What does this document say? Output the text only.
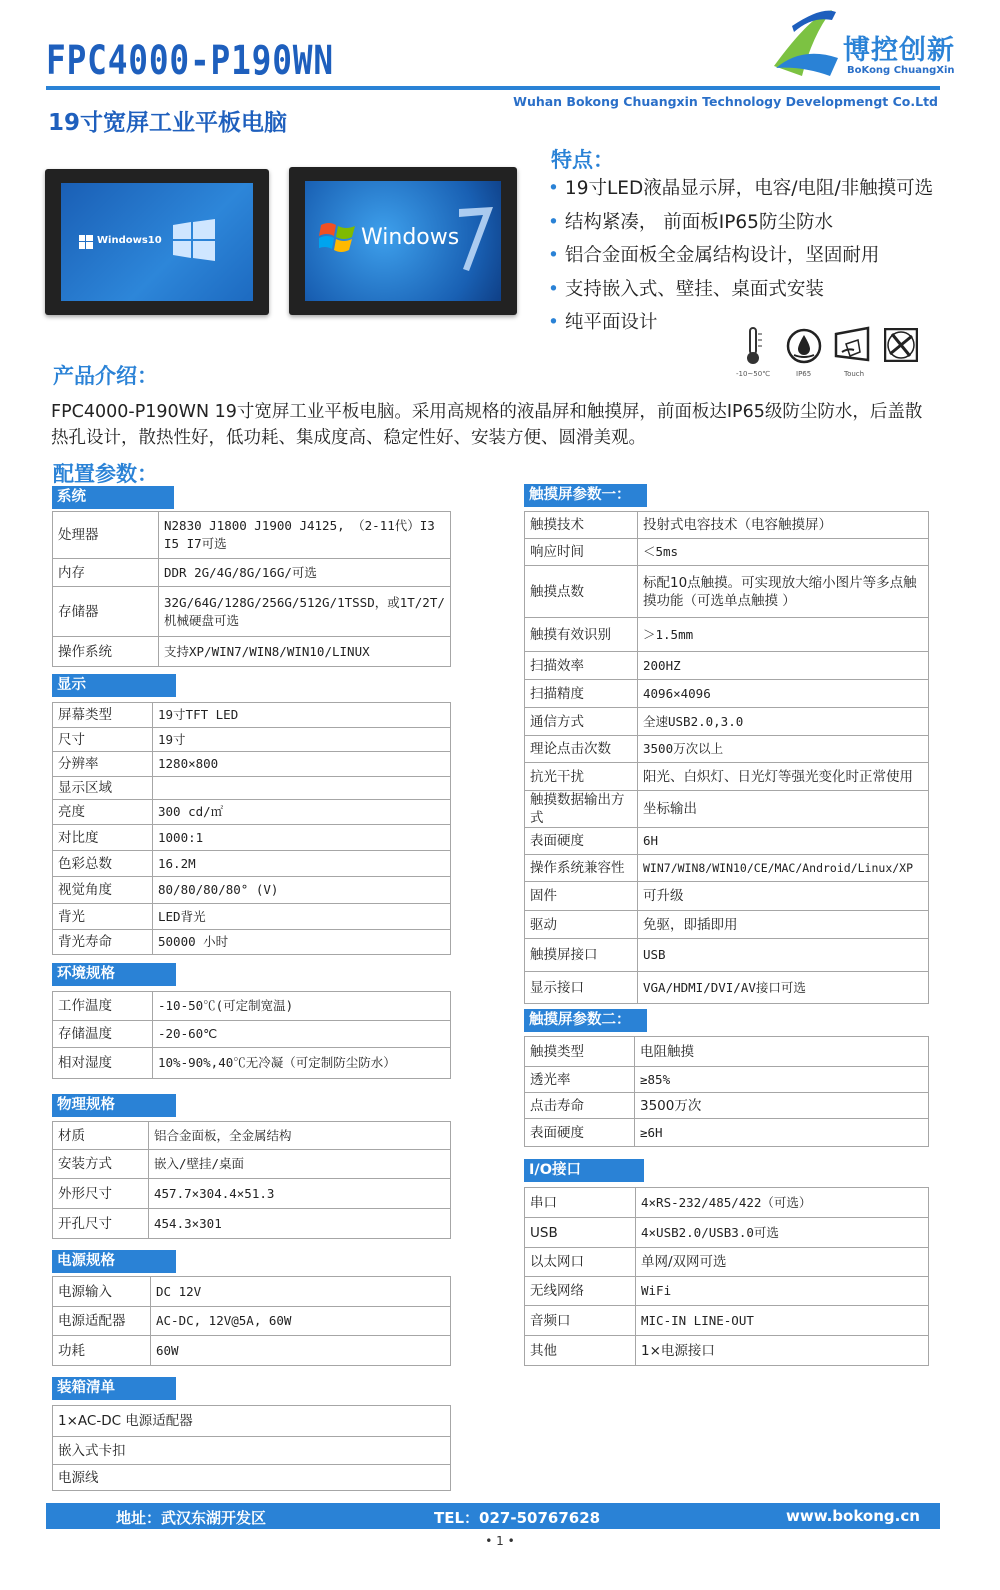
FPC4000-P190WN
19寸宽屏工业平板电脑
Wuhan Bokong Chuangxin Technology Developmengt Co.Ltd
博控创新
BoKong ChuangXin
Windows10	Windows
特点：
• 19寸LED液晶显示屏，电容/电阻/非触摸可选
• 结构紧凑， 前面板IP65防尘防水
• 铝合金面板全金属结构设计，坚固耐用
• 支持嵌入式、壁挂、桌面式安装
• 纯平面设计
-10~50℃	IP65	Touch
产品介绍：
FPC4000-P190WN 19寸宽屏工业平板电脑。采用高规格的液晶屏和触摸屏，前面板达IP65级防尘防水，后盖散热孔设计，散热性好，低功耗、集成度高、稳定性好、安装方便、圆滑美观。
配置参数：
系统
处理器	N2830 J1800 J1900 J4125, （2-11代）I3 I5 I7可选
内存	DDR 2G/4G/8G/16G/可选
存储器	32G/64G/128G/256G/512G/1TSSD，或1T/2T/机械硬盘可选
操作系统	支持XP/WIN7/WIN8/WIN10/LINUX
显示
屏幕类型	19寸TFT LED
尺寸	19寸
分辨率	1280×800
显示区域	
亮度	300 cd/㎡
对比度	1000:1
色彩总数	16.2M
视觉角度	80/80/80/80° (V)
背光	LED背光
背光寿命	50000 小时
环境规格
工作温度	-10-50℃(可定制宽温)
存储温度	-20-60℃
相对湿度	10%-90%,40℃无冷凝（可定制防尘防水）
物理规格
材质	铝合金面板，全金属结构
安装方式	嵌入/壁挂/桌面
外形尺寸	457.7×304.4×51.3
开孔尺寸	454.3×301
电源规格
电源输入	DC 12V
电源适配器	AC-DC, 12V@5A, 60W
功耗	60W
装箱清单
1×AC-DC 电源适配器
嵌入式卡扣
电源线
触摸屏参数一：
触摸技术	投射式电容技术（电容触摸屏）
响应时间	＜5ms
触摸点数	标配10点触摸。可实现放大缩小图片等多点触摸功能（可选单点触摸 ）
触摸有效识别	＞1.5mm
扫描效率	200HZ
扫描精度	4096×4096
通信方式	全速USB2.0,3.0
理论点击次数	3500万次以上
抗光干扰	阳光、白炽灯、日光灯等强光变化时正常使用
触摸数据输出方式	坐标输出
表面硬度	6H
操作系统兼容性	WIN7/WIN8/WIN10/CE/MAC/Android/Linux/XP
固件	可升级
驱动	免驱，即插即用
触摸屏接口	USB
显示接口	VGA/HDMI/DVI/AV接口可选
触摸屏参数二：
触摸类型	电阻触摸
透光率	≥85%
点击寿命	3500万次
表面硬度	≥6H
I/O接口
串口	4×RS-232/485/422（可选）
USB	4×USB2.0/USB3.0可选
以太网口	单网/双网可选
无线网络	WiFi
音频口	MIC-IN LINE-OUT
其他	1×电源接口
地址：武汉东湖开发区	TEL：027-50767628	www.bokong.cn
• 1 •
